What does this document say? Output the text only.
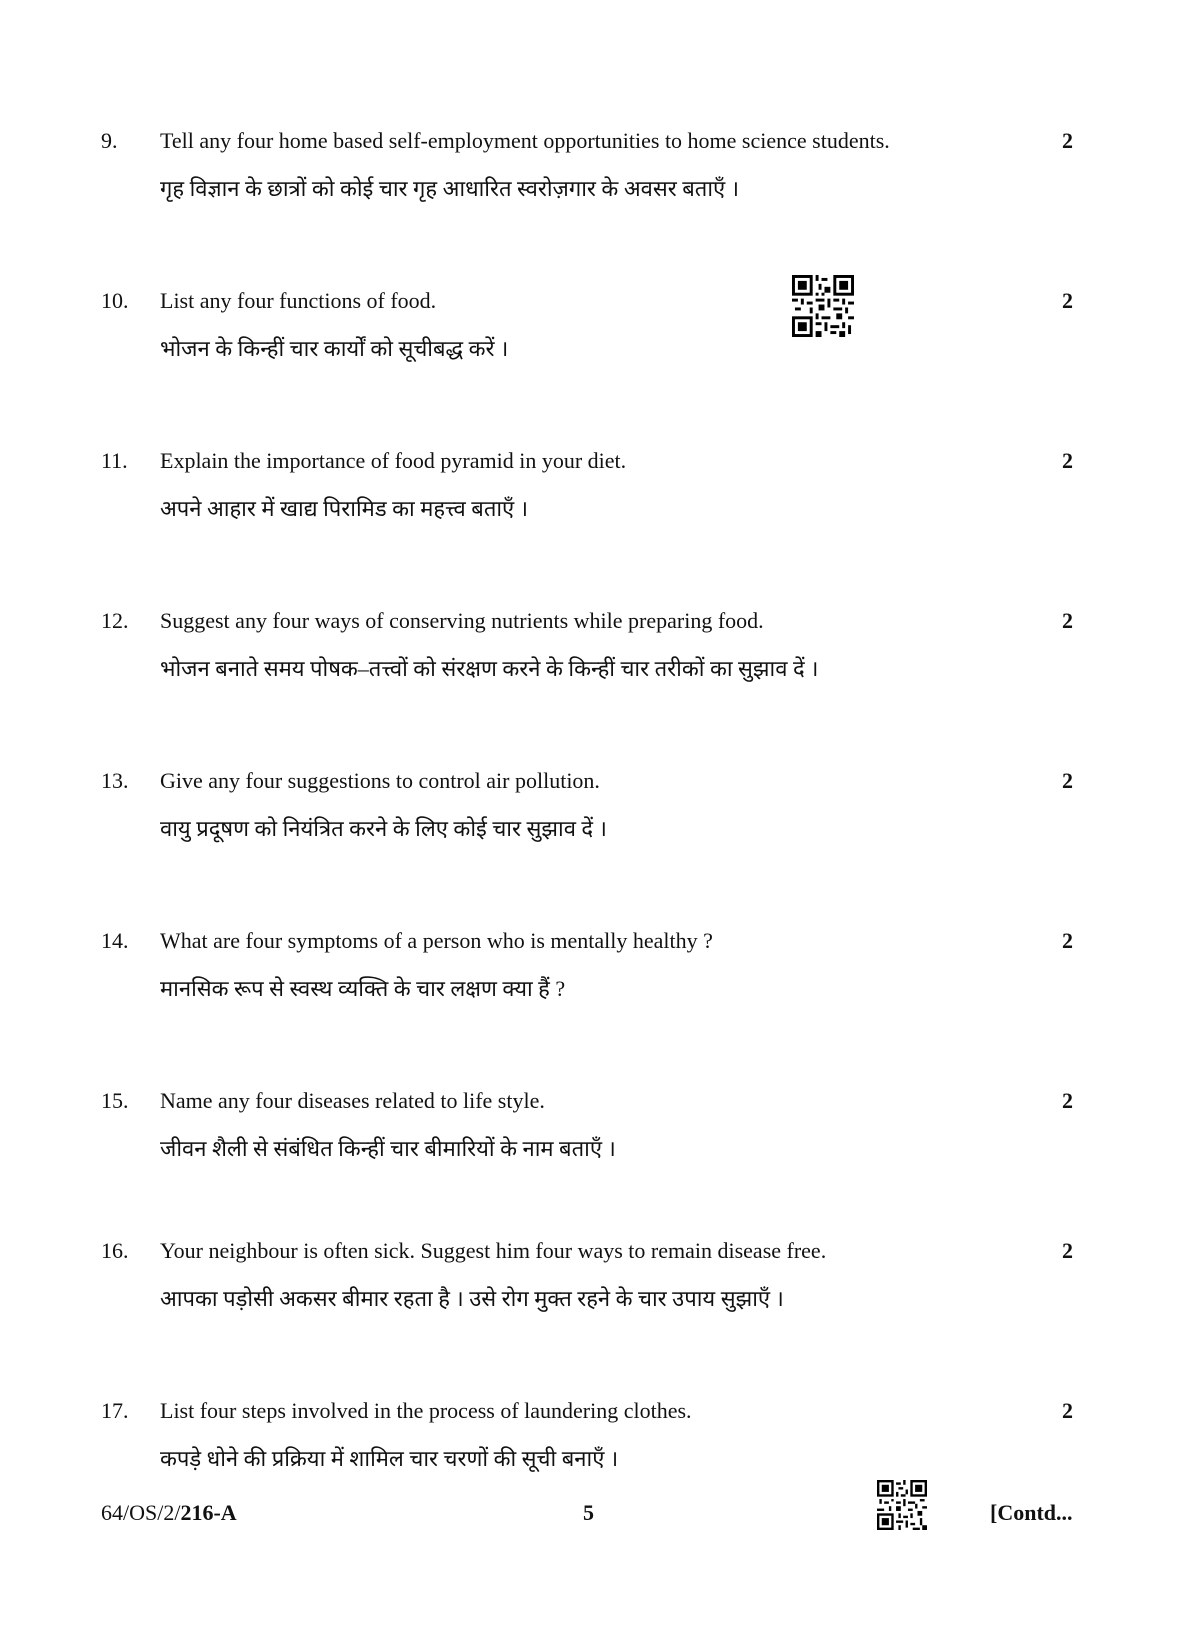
9. Tell any four home based self-employment opportunities to home science students.
गृह विज्ञान के छात्रों को कोई चार गृह आधारित स्वरोज़गार के अवसर बताएँ ।
2
10. List any four functions of food.
भोजन के किन्हीं चार कार्यों को सूचीबद्ध करें ।
2
11. Explain the importance of food pyramid in your diet.
अपने आहार में खाद्य पिरामिड का महत्त्व बताएँ ।
2
12. Suggest any four ways of conserving nutrients while preparing food.
भोजन बनाते समय पोषक–तत्त्वों को संरक्षण करने के किन्हीं चार तरीकों का सुझाव दें ।
2
13. Give any four suggestions to control air pollution.
वायु प्रदूषण को नियंत्रित करने के लिए कोई चार सुझाव दें ।
2
14. What are four symptoms of a person who is mentally healthy ?
मानसिक रूप से स्वस्थ व्यक्ति के चार लक्षण क्या हैं ?
2
15. Name any four diseases related to life style.
जीवन शैली से संबंधित किन्हीं चार बीमारियों के नाम बताएँ ।
2
16. Your neighbour is often sick. Suggest him four ways to remain disease free.
आपका पड़ोसी अकसर बीमार रहता है । उसे रोग मुक्त रहने के चार उपाय सुझाएँ ।
2
17. List four steps involved in the process of laundering clothes.
कपड़े धोने की प्रक्रिया में शामिल चार चरणों की सूची बनाएँ ।
2
64/OS/2/216-A	5	[Contd...
